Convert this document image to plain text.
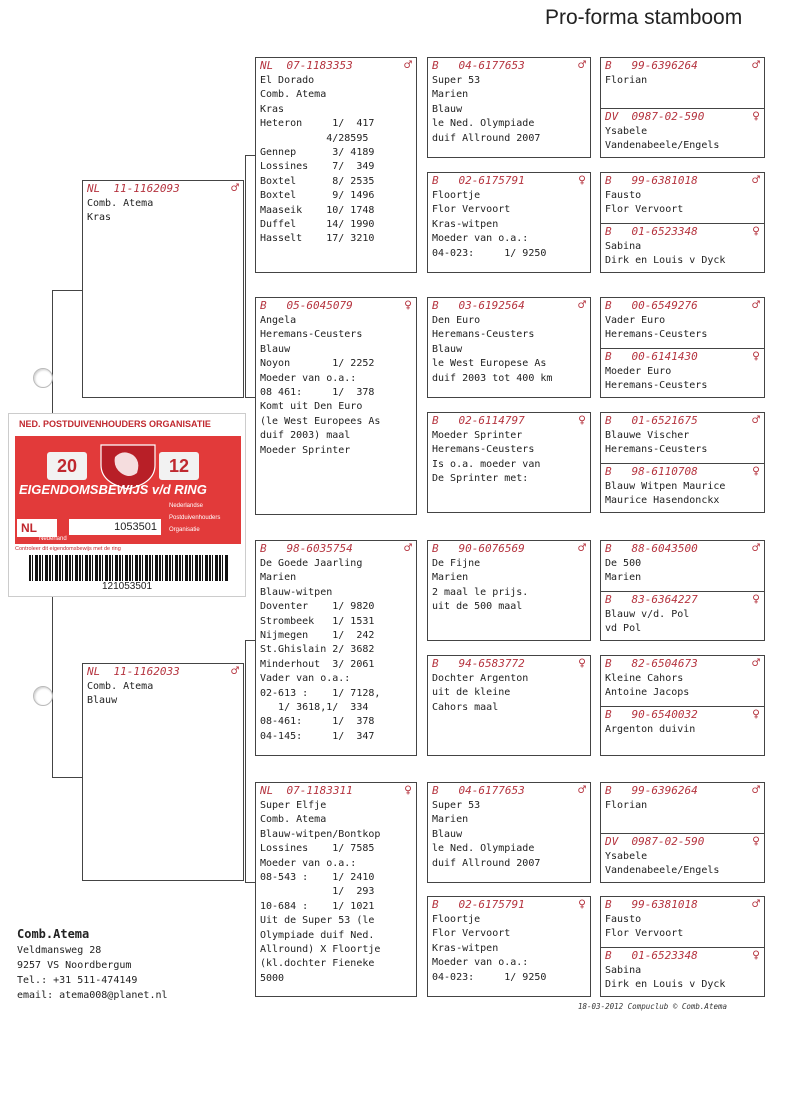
Pro-forma stamboom
NL  11-1162093	♂
Comb. Atema
Kras
NL  11-1162033	♂
Comb. Atema
Blauw
NL  07-1183353	♂
El Dorado
Comb. Atema
Kras
Heteron     1/  417
4/28595
Gennep      3/ 4189
Lossines    7/  349
Boxtel      8/ 2535
Boxtel      9/ 1496
Maaseik    10/ 1748
Duffel     14/ 1990
Hasselt    17/ 3210
B   05-6045079	♀
Angela
Heremans-Ceusters
Blauw
Noyon       1/ 2252
Moeder van o.a.:
08 461:     1/  378
Komt uit Den Euro
(le West Europees As
duif 2003) maal
Moeder Sprinter
B   98-6035754	♂
De Goede Jaarling
Marien
Blauw-witpen
Doventer    1/ 9820
Strombeek   1/ 1531
Nijmegen    1/  242
St.Ghislain 2/ 3682
Minderhout  3/ 2061
Vader van o.a.:
02-613 :    1/ 7128,
1/ 3618,1/  334
08-461:     1/  378
04-145:     1/  347
NL  07-1183311	♀
Super Elfje
Comb. Atema
Blauw-witpen/Bontkop
Lossines    1/ 7585
Moeder van o.a.:
08-543 :    1/ 2410
1/  293
10-684 :    1/ 1021
Uit de Super 53 (le
Olympiade duif Ned.
Allround) X Floortje
(kl.dochter Fieneke
5000
B   04-6177653	♂
Super 53
Marien
Blauw
le Ned. Olympiade
duif Allround 2007
B   02-6175791	♀
Floortje
Flor Vervoort
Kras-witpen
Moeder van o.a.:
04-023:     1/ 9250
B   03-6192564	♂
Den Euro
Heremans-Ceusters
Blauw
le West Europese As
duif 2003 tot 400 km
B   02-6114797	♀
Moeder Sprinter
Heremans-Ceusters
Is o.a. moeder van
De Sprinter met:
B   90-6076569	♂
De Fijne
Marien
2 maal le prijs.
uit de 500 maal
B   94-6583772	♀
Dochter Argenton
uit de kleine
Cahors maal
B   04-6177653	♂
Super 53
Marien
Blauw
le Ned. Olympiade
duif Allround 2007
B   02-6175791	♀
Floortje
Flor Vervoort
Kras-witpen
Moeder van o.a.:
04-023:     1/ 9250
B   99-6396264	♂
Florian
DV  0987-02-590	♀
Ysabele
Vandenabeele/Engels
B   99-6381018	♂
Fausto
Flor Vervoort
B   01-6523348	♀
Sabina
Dirk en Louis v Dyck
B   00-6549276	♂
Vader Euro
Heremans-Ceusters
B   00-6141430	♀
Moeder Euro
Heremans-Ceusters
B   01-6521675	♂
Blauwe Vischer
Heremans-Ceusters
B   98-6110708	♀
Blauw Witpen Maurice
Maurice Hasendonckx
B   88-6043500	♂
De 500
Marien
B   83-6364227	♀
Blauw v/d. Pol
vd Pol
B   82-6504673	♂
Kleine Cahors
Antoine Jacops
B   90-6540032	♀
Argenton duivin
B   99-6396264	♂
Florian
DV  0987-02-590	♀
Ysabele
Vandenabeele/Engels
B   99-6381018	♂
Fausto
Flor Vervoort
B   01-6523348	♀
Sabina
Dirk en Louis v Dyck
NED. POSTDUIVENHOUDERS ORGANISATIE
20	12
EIGENDOMSBEWIJS v/d RING
NL	1053501
Nederlandse
Postduivenhouders
Organisatie
Nederland
Controleer dit eigendomsbewijs met de ring
121053501
Comb.Atema
Veldmansweg 28
9257 VS Noordbergum
Tel.: +31 511-474149
email: atema008@planet.nl
18-03-2012 Compuclub © Comb.Atema
